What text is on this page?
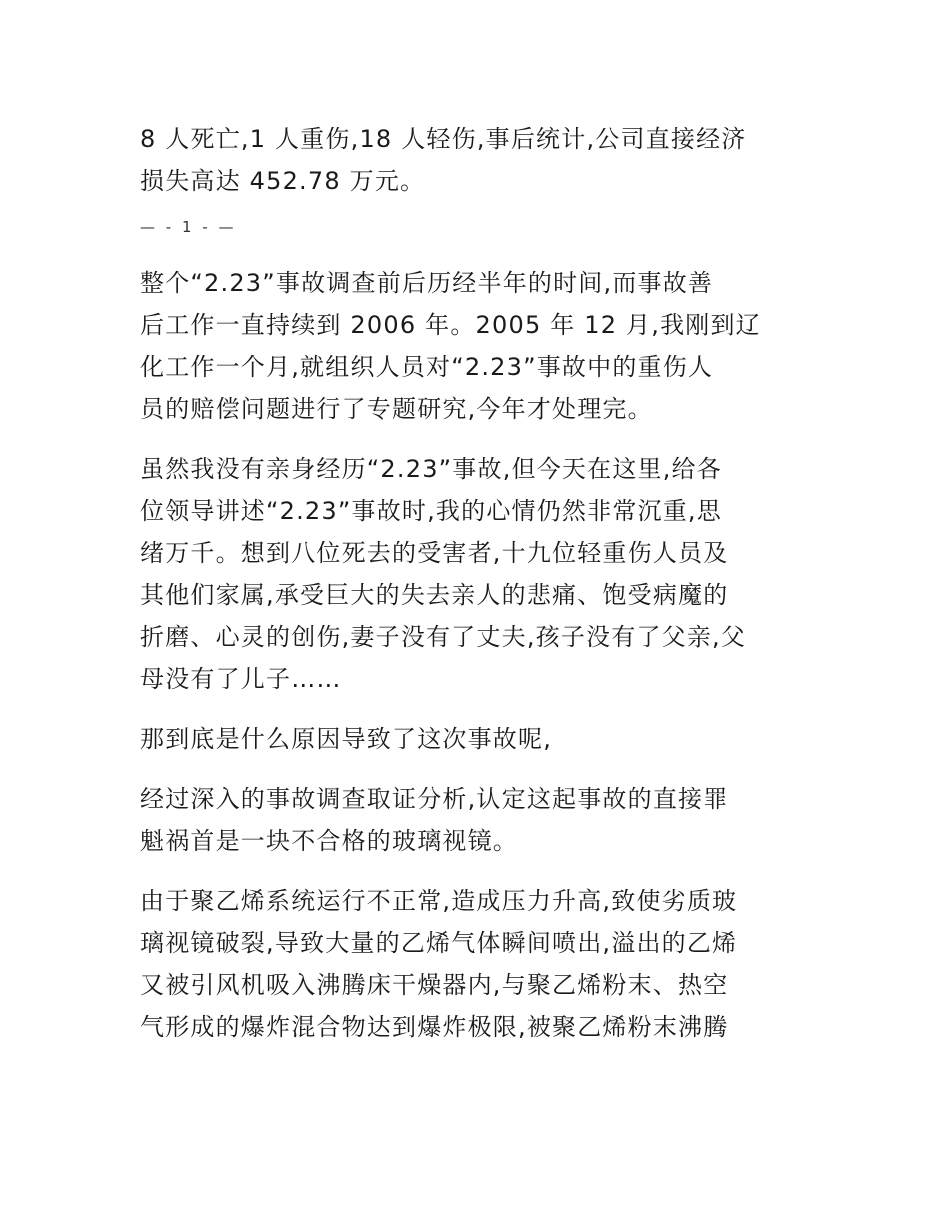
8 人死亡,1 人重伤,18 人轻伤,事后统计,公司直接经济
损失高达 452.78 万元。

— - 1 - —

整个“2.23”事故调查前后历经半年的时间,而事故善
后工作一直持续到 2006 年。2005 年 12 月,我刚到辽
化工作一个月,就组织人员对“2.23”事故中的重伤人
员的赔偿问题进行了专题研究,今年才处理完。

虽然我没有亲身经历“2.23”事故,但今天在这里,给各
位领导讲述“2.23”事故时,我的心情仍然非常沉重,思
绪万千。想到八位死去的受害者,十九位轻重伤人员及
其他们家属,承受巨大的失去亲人的悲痛、饱受病魔的
折磨、心灵的创伤,妻子没有了丈夫,孩子没有了父亲,父
母没有了儿子……

那到底是什么原因导致了这次事故呢,

经过深入的事故调查取证分析,认定这起事故的直接罪
魁祸首是一块不合格的玻璃视镜。

由于聚乙烯系统运行不正常,造成压力升高,致使劣质玻
璃视镜破裂,导致大量的乙烯气体瞬间喷出,溢出的乙烯
又被引风机吸入沸腾床干燥器内,与聚乙烯粉末、热空
气形成的爆炸混合物达到爆炸极限,被聚乙烯粉末沸腾
